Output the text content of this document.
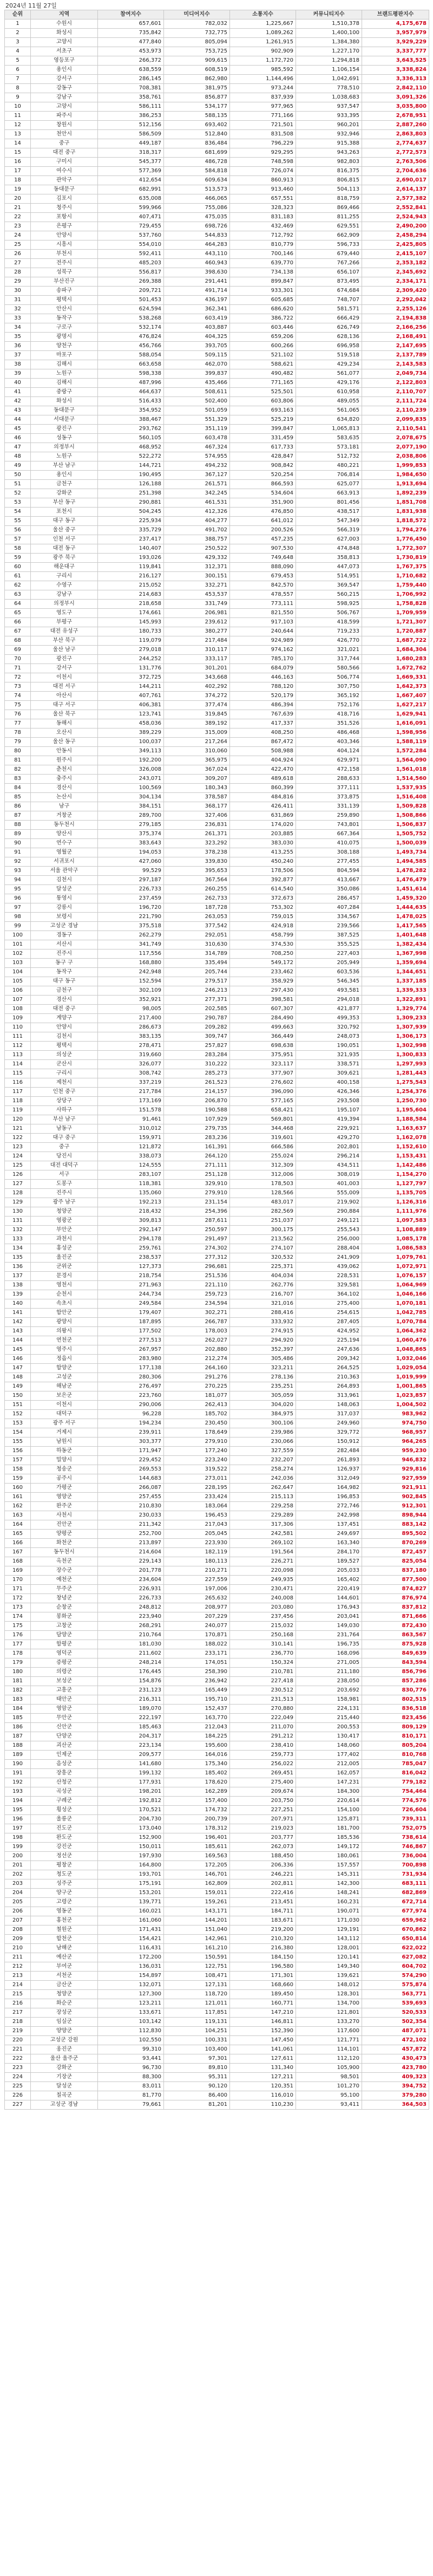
2024년 11월 27일
순위	지역	참여지수	미디어지수	소통지수	커뮤니티지수	브랜드평판지수
1	수원시	657,601	782,032	1,225,667	1,510,378	4,175,678
2	화성시	735,842	732,775	1,089,262	1,400,100	3,957,979
3	고양시	477,840	805,094	1,261,915	1,384,380	3,929,229
4	서초구	453,973	753,725	902,909	1,227,170	3,337,777
5	영등포구	266,372	909,615	1,172,720	1,294,818	3,643,525
6	용인시	638,559	608,519	985,592	1,106,154	3,338,824
7	강서구	286,145	862,980	1,144,496	1,042,691	3,336,313
8	강동구	708,381	381,975	973,244	778,510	2,842,110
9	강남구	358,761	856,877	837,939	1,038,683	3,091,326
10	고양시	586,111	534,177	977,965	937,547	3,035,800
11	파주시	386,253	588,135	771,166	933,395	2,678,951
12	창원시	512,156	693,402	721,501	960,201	2,887,260
13	천안시	586,509	512,840	831,508	932,946	2,863,803
14	중구	449,187	836,484	796,229	915,388	2,774,637
15	대전 중구	318,317	681,699	929,295	943,263	2,772,573
16	구미시	545,377	486,728	748,598	982,803	2,763,506
17	여수시	577,369	584,818	726,074	816,375	2,704,636
18	관악구	412,654	609,634	860,913	806,815	2,690,017
19	동대문구	682,991	513,573	913,460	504,113	2,614,137
20	김포시	635,008	466,065	657,551	818,759	2,577,382
21	청주시	599,966	755,086	328,323	869,466	2,552,841
22	포항시	407,471	475,035	831,183	811,255	2,524,943
23	은평구	729,455	698,726	432,469	629,551	2,490,200
24	안양시	537,760	544,833	712,792	662,909	2,458,294
25	시흥시	554,010	464,283	810,779	596,733	2,425,805
26	부천시	592,411	443,110	700,146	679,440	2,415,107
27	전주시	485,203	460,943	639,770	767,266	2,353,182
28	성북구	556,817	398,630	734,138	656,107	2,345,692
29	부산진구	269,388	291,441	899,847	873,495	2,334,171
30	송파구	209,721	491,714	933,301	674,684	2,309,420
31	평택시	501,453	436,197	605,685	748,707	2,292,042
32	안산시	624,594	362,341	686,620	581,571	2,255,126
33	동작구	538,268	603,419	386,722	666,429	2,194,838
34	구로구	532,174	403,887	603,446	626,749	2,166,256
35	광명시	476,824	404,325	659,206	628,136	2,168,491
36	양천구	456,766	393,705	600,266	696,958	2,147,695
37	마포구	588,054	509,115	521,102	519,518	2,137,789
38	김해시	663,658	462,070	588,621	429,234	2,143,583
39	노원구	598,338	399,837	490,482	561,077	2,049,734
40	김해시	487,996	435,466	771,165	429,176	2,122,803
41	중랑구	464,637	508,611	525,501	610,958	2,110,707
42	화성시	516,433	502,400	603,806	489,055	2,111,724
43	동대문구	354,952	501,059	693,163	561,065	2,110,239
44	서대문구	388,467	551,329	525,219	634,820	2,099,835
45	광진구	293,762	351,119	399,847	1,065,813	2,110,541
46	성동구	560,105	603,478	331,459	583,635	2,078,675
47	의정부시	468,952	467,324	617,733	573,181	2,077,190
48	노원구	522,272	574,955	428,847	512,732	2,038,806
49	부산 남구	144,721	494,232	908,842	480,221	1,999,853
50	용인시	190,495	367,127	520,254	706,814	1,984,650
51	금천구	126,188	261,571	866,593	625,077	1,913,694
52	강화군	251,398	342,245	534,604	663,913	1,892,239
53	부산 동구	290,881	461,531	351,900	801,456	1,851,708
54	포천시	504,245	412,326	476,850	438,517	1,831,938
55	대구 동구	225,934	404,277	641,012	547,349	1,818,572
56	울산 중구	335,729	491,702	200,526	566,319	1,794,276
57	인천 서구	237,417	388,757	457,235	627,003	1,776,450
58	대전 동구	140,407	250,522	907,530	474,848	1,772,307
59	광주 북구	193,026	429,332	749,648	358,813	1,730,819
60	해운대구	119,841	312,371	888,090	447,073	1,767,375
61	구리시	216,127	300,151	679,453	514,951	1,710,682
62	수영구	215,052	332,271	842,570	369,547	1,759,440
63	강남구	214,683	453,537	478,557	560,215	1,706,992
64	의정부시	218,658	331,749	773,111	598,925	1,758,828
65	영도구	174,661	206,981	821,550	506,767	1,709,959
66	부평구	145,993	239,612	917,103	418,599	1,721,307
67	대전 유성구	180,733	380,277	240,644	719,233	1,720,887
68	부산 북구	119,079	217,484	924,989	426,770	1,687,722
69	울산 남구	279,018	310,117	974,162	321,021	1,684,304
70	광진구	244,252	333,117	785,170	317,744	1,680,283
71	강서구	131,776	301,201	684,079	580,566	1,672,762
72	이천시	372,725	343,668	446,163	506,774	1,669,331
73	대전 서구	144,211	402,292	788,120	307,750	1,642,373
74	아산시	407,761	374,272	520,179	365,192	1,667,407
75	대구 서구	406,381	377,474	486,394	752,176	1,627,217
76	울산 북구	123,741	319,845	767,639	418,716	1,629,941
77	동해시	458,036	389,192	417,337	351,526	1,616,091
78	오산시	389,229	315,009	408,250	486,468	1,598,956
79	울산 동구	100,037	217,264	867,472	403,346	1,588,119
80	안동시	349,113	310,060	508,988	404,124	1,572,284
81	원주시	192,200	365,975	404,924	629,971	1,564,090
82	춘천시	326,008	367,024	422,470	472,158	1,561,018
83	충주시	243,071	309,207	489,618	288,633	1,514,560
84	경산시	100,569	180,343	860,399	377,111	1,537,935
85	논산시	304,134	378,587	484,816	373,875	1,516,408
86	남구	384,151	368,177	426,411	331,139	1,509,828
87	거창군	289,700	327,406	631,869	259,890	1,508,866
88	동두천시	279,185	236,831	174,020	743,801	1,506,837
89	양산시	375,374	261,371	203,885	667,364	1,505,752
90	연수구	383,643	323,292	383,030	410,075	1,500,039
91	영월군	194,053	378,238	413,255	308,188	1,493,734
92	서귀포시	427,060	339,830	450,240	277,455	1,494,585
93	서울 관악구	99,529	395,653	178,506	804,594	1,478,282
94	김천시	297,187	367,564	392,877	413,667	1,476,479
95	달성군	226,733	260,255	614,540	350,086	1,451,614
96	통영시	237,459	262,733	372,673	286,457	1,459,320
97	강릉시	196,720	187,728	753,302	407,284	1,444,635
98	보령시	221,790	263,053	759,015	334,567	1,478,025
99	고성군 경남	375,518	377,542	424,918	239,566	1,417,565
100	경동구	262,279	292,051	458,799	387,525	1,401,648
101	서산시	341,749	310,630	374,530	355,525	1,382,434
102	진주시	117,556	314,789	708,250	227,403	1,367,998
103	동구 구	168,880	335,494	549,172	205,949	1,359,694
104	동작구	242,948	205,744	233,462	603,536	1,344,651
105	대구 동구	152,594	279,517	358,929	546,345	1,337,185
106	금천구	302,109	246,213	297,430	493,581	1,339,333
107	경산시	352,921	277,371	398,581	294,018	1,322,891
108	대전 중구	98,005	202,585	607,307	421,877	1,329,774
109	계양구	217,400	290,787	284,490	499,353	1,309,233
110	안양시	286,673	209,282	499,663	320,792	1,307,939
111	김천시	383,135	309,747	366,449	248,073	1,306,173
112	평택시	278,471	257,827	698,638	190,051	1,302,998
113	의성군	319,660	283,284	375,951	321,935	1,300,833
114	군산시	326,077	310,222	323,117	338,571	1,297,993
115	구리시	308,742	285,273	377,907	309,621	1,281,443
116	제천시	337,219	261,523	276,602	400,158	1,275,543
117	인천 중구	217,784	214,157	396,090	426,346	1,254,376
118	상당구	173,169	206,870	577,165	293,508	1,250,730
119	사하구	151,578	190,588	658,421	195,107	1,195,604
120	부산 남구	91,461	107,929	569,801	419,394	1,188,584
121	남동구	310,012	279,735	344,468	229,921	1,163,637
122	대구 중구	159,971	283,236	319,601	429,270	1,162,078
123	중구	121,872	161,391	666,586	202,801	1,152,610
124	당진시	338,073	264,120	255,024	296,214	1,153,431
125	대전 대덕구	124,555	271,111	312,309	434,511	1,142,486
126	서구	283,107	251,128	312,006	308,019	1,154,270
127	도봉구	118,381	329,910	178,503	401,003	1,127,797
128	진주시	135,060	279,910	128,566	555,009	1,135,705
129	광주 남구	192,213	231,154	483,017	219,902	1,126,316
130	청양군	218,432	254,396	282,569	290,884	1,111,976
131	영광군	309,813	287,611	251,037	249,121	1,097,583
132	부안군	292,147	250,597	300,175	255,543	1,108,889
133	과천시	294,178	291,497	213,562	256,000	1,085,178
134	홍성군	259,761	274,302	274,107	288,404	1,086,583
135	울진군	238,537	277,312	320,532	241,909	1,079,761
136	군위군	127,373	296,681	225,371	439,062	1,072,971
137	문경시	218,754	251,536	404,034	228,531	1,076,157
138	영천시	271,963	221,110	262,776	329,581	1,064,969
139	순천시	244,734	259,723	216,707	364,102	1,046,166
140	속초시	249,584	234,594	321,016	275,400	1,070,181
141	함안군	179,407	302,271	288,416	254,615	1,042,785
142	광양시	187,895	266,787	333,932	287,405	1,070,784
143	의왕시	177,502	178,003	274,915	424,952	1,064,362
144	연천군	277,513	262,027	294,920	225,194	1,060,476
145	영주시	267,957	202,880	352,397	247,636	1,048,865
146	정읍시	283,980	212,274	305,486	209,342	1,032,046
147	함양군	177,138	264,160	323,211	264,525	1,029,054
148	고성군	280,306	291,276	278,136	210,363	1,019,999
149	해남군	276,497	270,225	235,251	264,893	1,001,865
150	보은군	223,760	181,077	305,059	313,961	1,023,857
151	이천시	290,006	262,413	304,020	148,063	1,004,502
152	대덕구	96,228	185,702	384,975	317,037	983,962
153	광주 서구	194,234	230,450	300,106	249,960	974,750
154	거제시	239,911	178,649	239,986	329,772	968,957
155	남원시	303,377	279,910	230,066	150,912	964,265
156	하동군	171,947	177,240	327,559	282,484	959,230
157	밀양시	229,452	223,240	232,207	261,893	946,832
158	청송군	269,553	319,522	258,274	126,937	929,816
159	공주시	144,683	273,011	242,036	312,049	927,959
160	가평군	266,087	228,195	262,647	164,982	921,911
161	영양군	257,455	233,424	215,113	196,853	902,845
162	완주군	210,830	183,064	229,258	272,746	912,301
163	사천시	230,033	196,453	229,289	242,998	898,944
164	진안군	211,342	217,043	317,306	137,451	883,142
165	양평군	252,700	205,045	242,581	249,697	895,502
166	화천군	213,897	223,930	269,102	163,340	870,269
167	동두천시	214,604	182,119	191,564	284,170	872,457
168	옥천군	229,143	180,113	226,271	189,527	825,054
169	장수군	201,778	210,271	220,098	205,033	837,180
170	예천군	234,604	227,559	249,935	165,402	877,500
171	무주군	226,931	197,006	230,471	220,419	874,827
172	창녕군	226,733	265,632	240,008	144,601	876,974
173	순창군	248,812	208,977	203,080	176,943	837,812
174	봉화군	223,940	207,229	237,456	203,041	871,666
175	고창군	268,291	240,077	215,032	149,030	872,430
176	담양군	210,764	170,871	250,168	231,764	863,567
177	함평군	181,030	188,022	310,141	196,735	875,928
178	영덕군	211,602	233,171	236,770	168,096	849,639
179	증평군	248,214	174,051	150,324	271,005	843,594
180	의령군	176,445	258,390	210,781	211,180	856,796
181	보성군	154,876	236,942	227,418	238,050	857,286
182	고흥군	231,123	165,449	230,512	203,692	830,776
183	태안군	216,311	195,710	231,513	158,981	802,515
184	영암군	189,070	152,437	270,880	224,131	836,518
185	무안군	222,197	163,770	222,049	215,440	823,456
186	신안군	185,463	212,043	211,070	200,553	809,129
187	단양군	204,317	184,225	291,212	130,417	810,171
188	괴산군	223,134	195,600	238,410	148,060	805,204
189	인제군	209,577	164,016	259,773	177,402	810,768
190	음성군	141,680	175,340	256,022	212,005	785,047
191	장흥군	199,132	185,402	269,451	162,057	816,042
192	산청군	177,931	178,620	275,400	147,231	779,182
193	곡성군	198,201	162,289	209,674	184,300	754,464
194	구례군	192,812	157,400	203,750	220,614	774,576
195	횡성군	170,521	174,732	227,251	154,100	726,604
196	울릉군	204,730	200,739	207,971	125,871	739,311
197	진도군	173,040	178,312	219,023	181,700	752,075
198	완도군	152,900	196,401	203,777	185,536	738,614
199	강진군	150,011	185,611	262,073	149,172	746,867
200	정선군	197,930	169,563	188,450	180,061	736,004
201	평창군	164,800	172,205	206,336	157,557	700,898
202	청도군	193,701	146,701	246,221	145,311	731,934
203	성주군	175,191	162,809	202,811	142,300	683,111
204	양구군	153,201	159,011	222,416	148,241	682,869
205	고령군	139,771	159,261	213,451	160,231	672,714
206	영동군	160,021	143,171	184,711	190,071	677,974
207	홍천군	161,060	144,201	183,671	171,030	659,962
208	철원군	171,431	151,040	219,200	129,191	670,862
209	합천군	154,421	142,961	210,320	143,112	650,814
210	남해군	116,431	161,210	216,380	128,001	622,022
211	예산군	172,200	150,591	184,150	120,141	627,082
212	부여군	136,031	122,751	196,580	149,340	604,702
213	서천군	154,897	108,471	171,301	139,621	574,290
214	금산군	132,071	127,131	168,660	148,012	575,874
215	청양군	127,300	118,720	189,450	128,301	563,771
216	화순군	123,211	121,011	160,771	134,700	539,693
217	장성군	133,671	117,851	147,210	121,801	520,533
218	임실군	103,142	119,131	146,811	133,270	502,354
219	양양군	112,830	104,251	152,390	117,600	487,071
220	고성군 강원	102,550	100,331	147,450	121,771	472,102
221	옹진군	99,310	103,400	141,061	114,101	457,872
222	울산 울주군	93,441	97,301	127,611	112,120	430,473
223	강화군	96,730	89,810	131,340	105,900	423,780
224	기장군	88,300	95,311	127,211	98,501	409,323
225	달성군	83,011	90,120	120,351	101,270	394,752
226	칠곡군	81,770	86,400	116,010	95,100	379,280
227	고성군 경남	79,661	81,201	110,230	93,411	364,503
